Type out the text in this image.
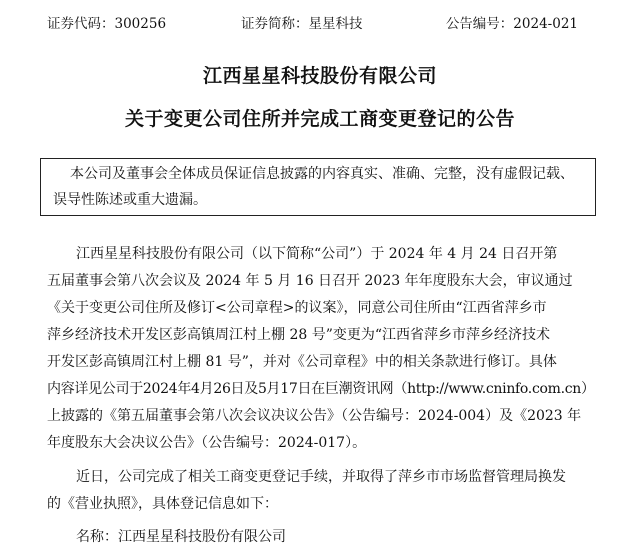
证券代码：300256	证券简称：星星科技	公告编号：2024-021
江西星星科技股份有限公司
关于变更公司住所并完成工商变更登记的公告
本公司及董事会全体成员保证信息披露的内容真实、准确、完整，没有虚假记载、
误导性陈述或重大遗漏。
江西星星科技股份有限公司（以下简称“公司”）于 2024 年 4 月 24 日召开第
五届董事会第八次会议及 2024 年 5 月 16 日召开 2023 年年度股东大会，审议通过
《关于变更公司住所及修订<公司章程>的议案》，同意公司住所由“江西省萍乡市
萍乡经济技术开发区彭高镇周江村上棚 28 号”变更为“江西省萍乡市萍乡经济技术
开发区彭高镇周江村上棚 81 号”，并对《公司章程》中的相关条款进行修订。具体
内容详见公司于2024年4月26日及5月17日在巨潮资讯网（http://www.cninfo.com.cn）
上披露的《第五届董事会第八次会议决议公告》（公告编号：2024-004）及《2023 年
年度股东大会决议公告》（公告编号：2024-017）。
近日，公司完成了相关工商变更登记手续，并取得了萍乡市市场监督管理局换发
的《营业执照》，具体登记信息如下：
名称：江西星星科技股份有限公司
